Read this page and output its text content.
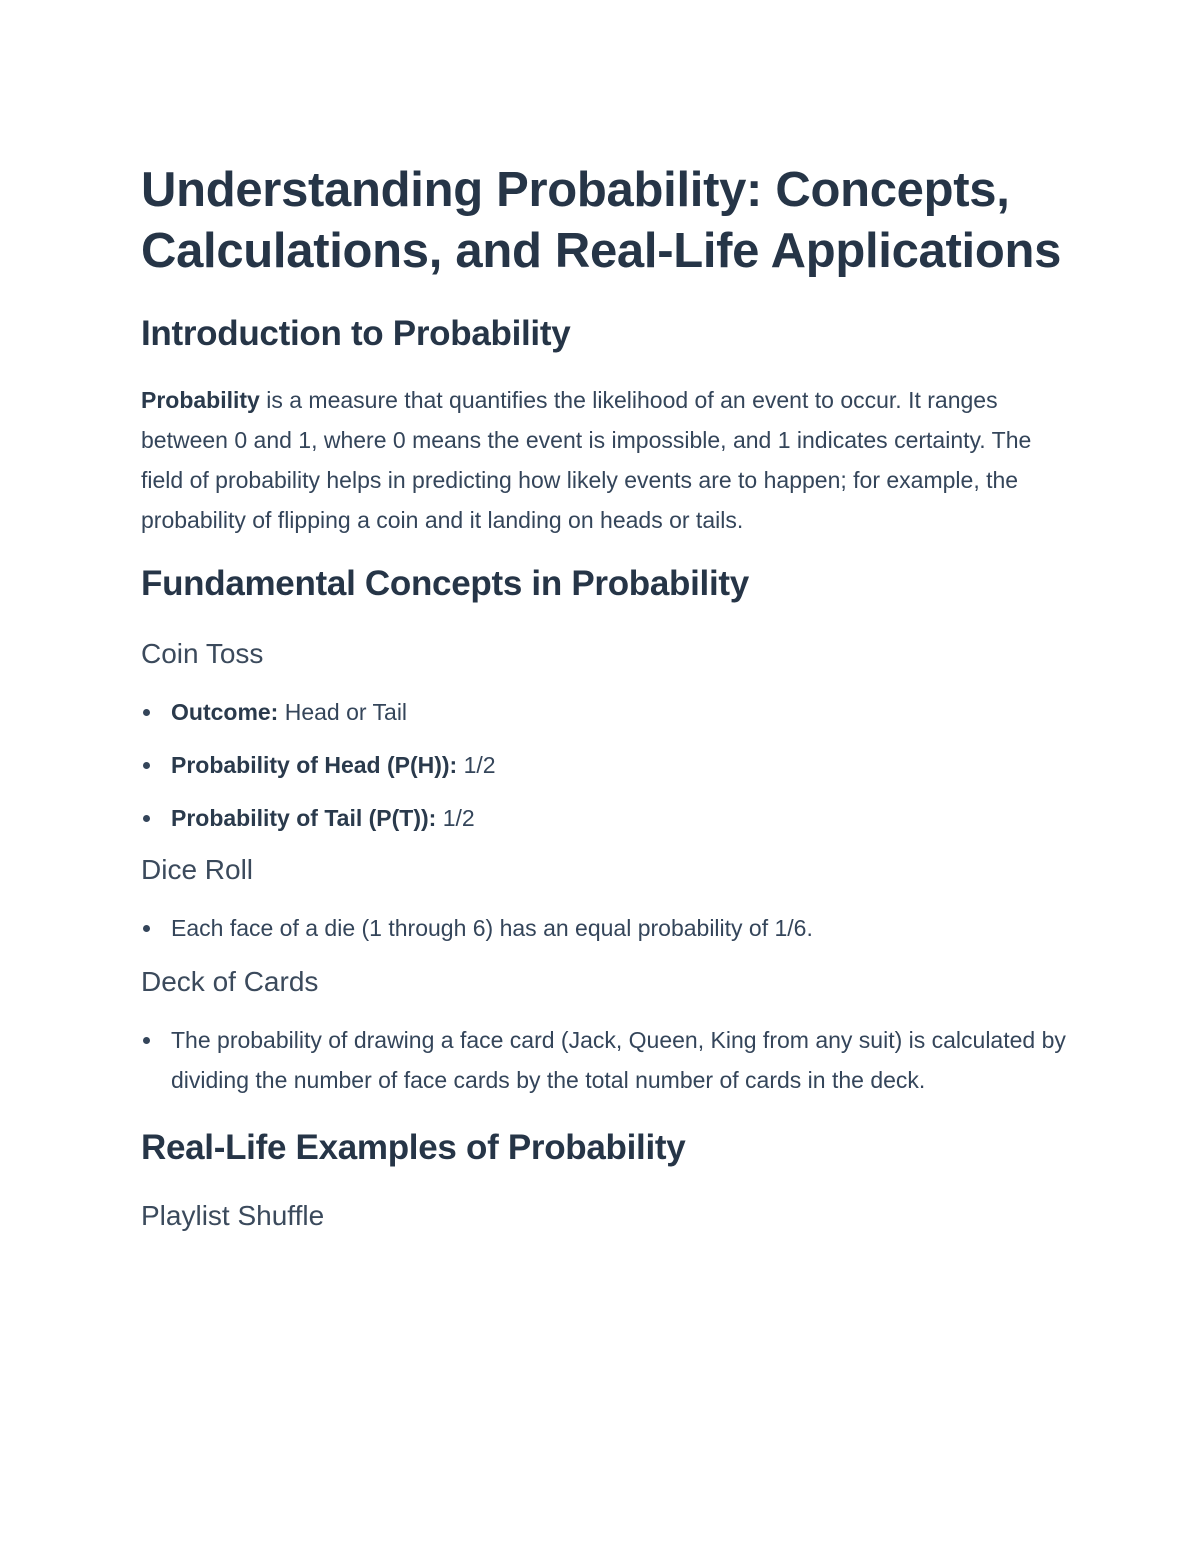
Understanding Probability: Concepts, Calculations, and Real-Life Applications
Introduction to Probability

Probability is a measure that quantifies the likelihood of an event to occur. It ranges between 0 and 1, where 0 means the event is impossible, and 1 indicates certainty. The field of probability helps in predicting how likely events are to happen; for example, the probability of flipping a coin and it landing on heads or tails.

Fundamental Concepts in Probability
Coin Toss
Outcome: Head or Tail
Probability of Head (P(H)): 1/2
Probability of Tail (P(T)): 1/2
Dice Roll
Each face of a die (1 through 6) has an equal probability of 1/6.
Deck of Cards
The probability of drawing a face card (Jack, Queen, King from any suit) is calculated by dividing the number of face cards by the total number of cards in the deck.
Real-Life Examples of Probability
Playlist Shuffle
